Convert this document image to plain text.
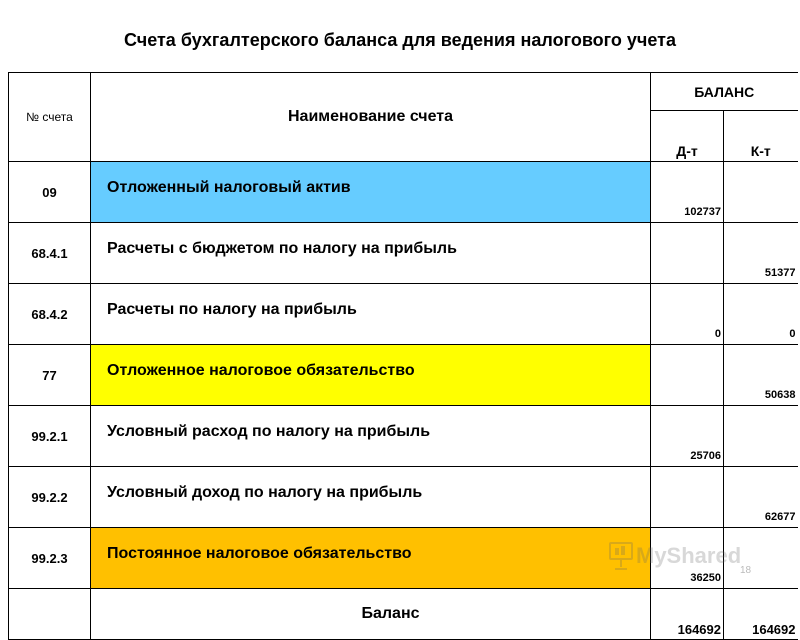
Счета бухгалтерского баланса для ведения налогового учета
№ счета	Наименование счета	БАЛАНС	
		Д-т	К-т
09	Отложенный налоговый актив	102737	
68.4.1	Расчеты с бюджетом по налогу на прибыль		51377
68.4.2	Расчеты по налогу на прибыль	0	0
77	Отложенное налоговое обязательство		50638
99.2.1	Условный расход по налогу на прибыль	25706	
99.2.2	Условный доход по налогу на прибыль		62677
99.2.3	Постоянное налоговое обязательство	36250	
	Баланс	164692	164692
MyShared
18
